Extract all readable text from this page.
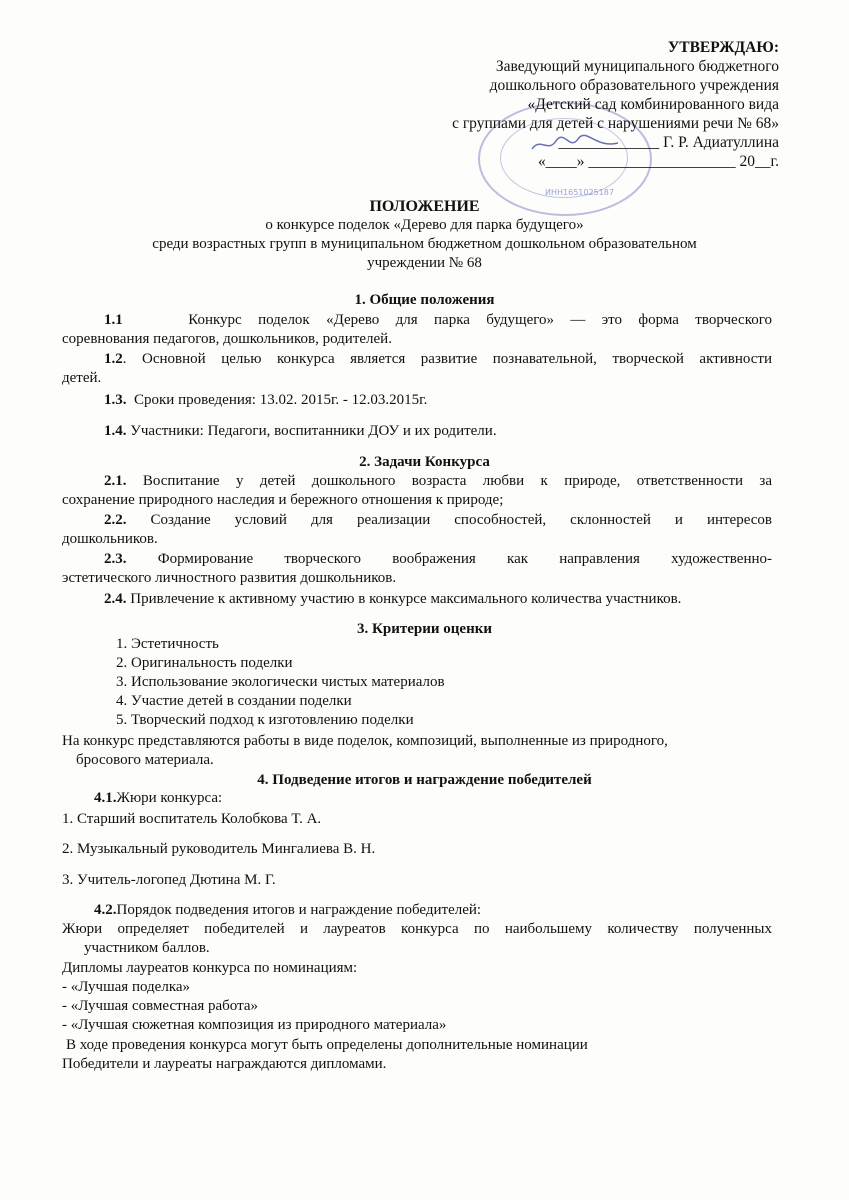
ИНН1651025187
УТВЕРЖДАЮ:
Заведующий муниципального бюджетного
дошкольного образовательного учреждения
«Детский сад комбинированного вида
с группами для детей с нарушениями речи № 68»
_____________ Г. Р. Адиатуллина
«____» ___________________ 20__г.
ПОЛОЖЕНИЕ
о конкурсе поделок «Дерево для парка будущего»
среди возрастных групп в муниципальном бюджетном дошкольном образовательном
учреждении № 68
1. Общие положения
1.1	Конкурс поделок «Дерево для парка будущего» — это форма творческого
соревнования педагогов, дошкольников, родителей.
1.2. Основной целью конкурса является развитие познавательной, творческой активности
детей.
1.3. Сроки проведения: 13.02. 2015г. - 12.03.2015г.
1.4. Участники: Педагоги, воспитанники ДОУ и их родители.
2. Задачи Конкурса
2.1. Воспитание у детей дошкольного возраста любви к природе, ответственности за
сохранение природного наследия и бережного отношения к природе;
2.2. Создание условий для реализации способностей, склонностей и интересов
дошкольников.
2.3. Формирование творческого воображения как направления художественно-
эстетического личностного развития дошкольников.
2.4. Привлечение к активному участию в конкурсе максимального количества участников.
3. Критерии оценки
1. Эстетичность
2. Оригинальность поделки
3. Использование экологически чистых материалов
4. Участие детей в создании поделки
5. Творческий подход к изготовлению поделки
На конкурс представляются работы в виде поделок, композиций, выполненные из природного,
бросового материала.
4. Подведение итогов и награждение победителей
4.1.Жюри конкурса:
1. Старший воспитатель Колобкова Т. А.
2. Музыкальный руководитель Мингалиева В. Н.
3. Учитель-логопед Дютина М. Г.
4.2.Порядок подведения итогов и награждение победителей:
Жюри определяет победителей и лауреатов конкурса по наибольшему количеству полученных
участником баллов.
Дипломы лауреатов конкурса по номинациям:
- «Лучшая поделка»
- «Лучшая совместная работа»
- «Лучшая сюжетная композиция из природного материала»
В ходе проведения конкурса могут быть определены дополнительные номинации
Победители и лауреаты награждаются дипломами.
